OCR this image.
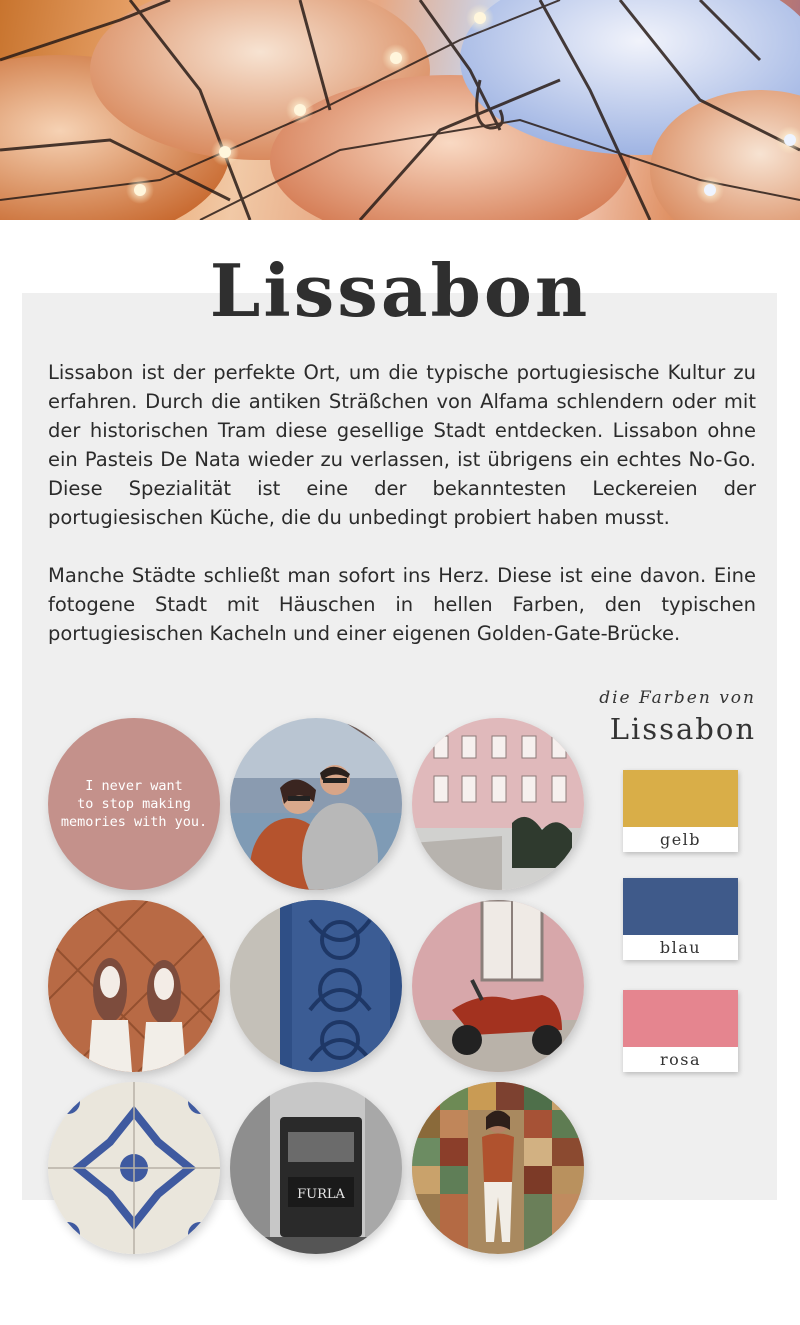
Lissabon

Lissabon ist der perfekte Ort, um die typische portugiesische Kultur zu erfahren. Durch die antiken Sträßchen von Alfama schlendern oder mit der historischen Tram diese gesellige Stadt entdecken. Lissabon ohne ein Pasteis De Nata wieder zu verlassen, ist übrigens ein echtes No-Go. Diese Spezialität ist eine der bekanntesten Leckereien der portugiesischen Küche, die du unbedingt probiert haben musst.

Manche Städte schließt man sofort ins Herz. Diese ist eine davon. Eine fotogene Stadt mit Häuschen in hellen Farben, den typischen portugiesischen Kacheln und einer eigenen Golden-Gate-Brücke.

I never want
to stop making
memories with you.
FURLA
die Farben von
Lissabon
gelb
blau
rosa
